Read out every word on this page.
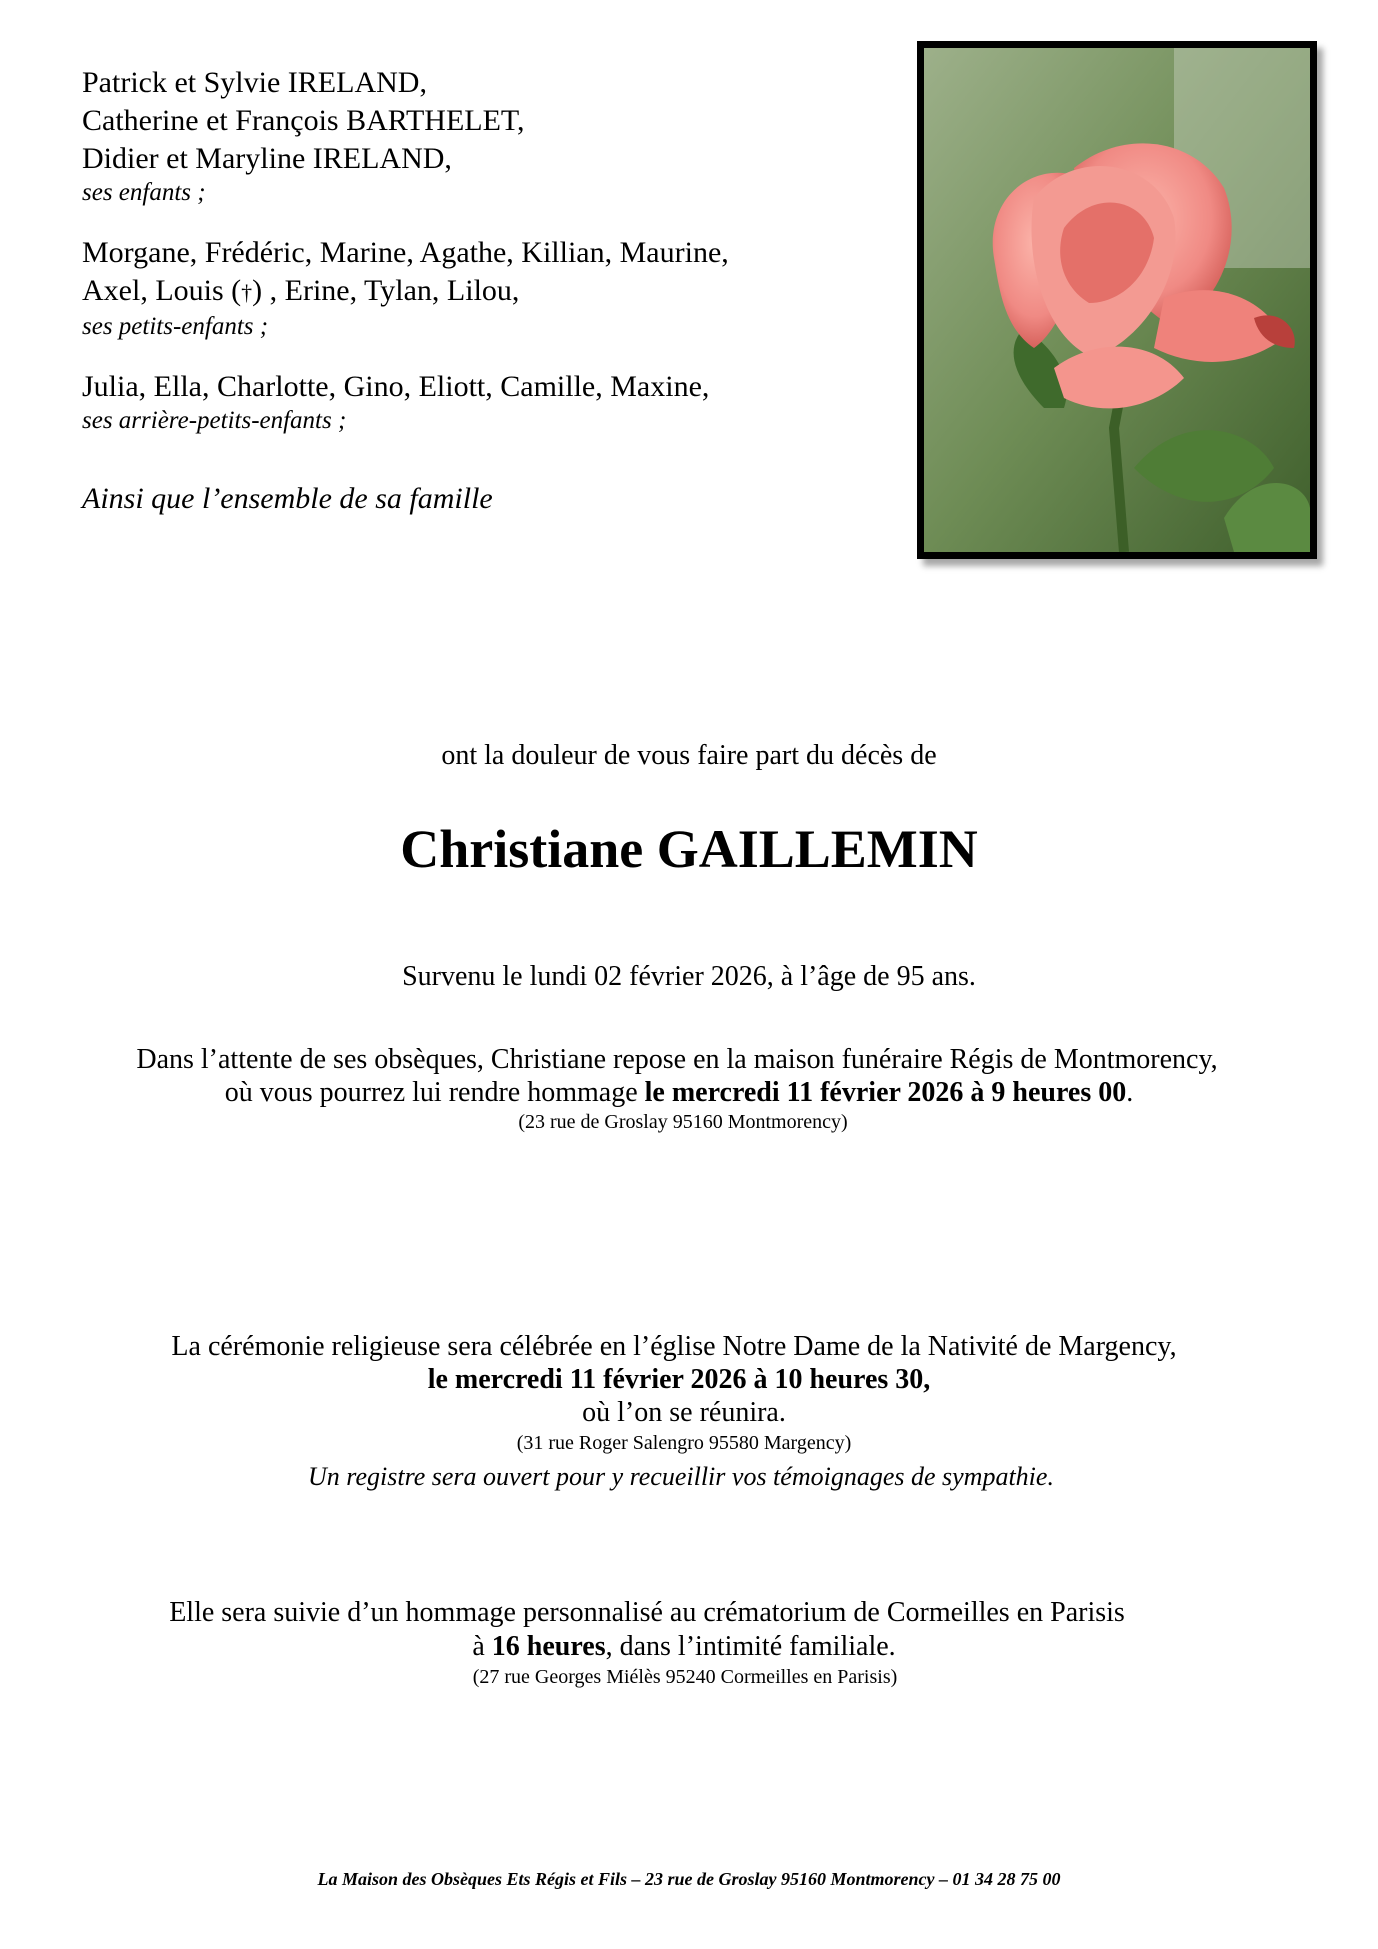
Patrick et Sylvie IRELAND,
Catherine et François BARTHELET,
Didier et Maryline IRELAND,
ses enfants ;
Morgane, Frédéric, Marine, Agathe, Killian, Maurine,
Axel, Louis (†) , Erine, Tylan, Lilou,
ses petits-enfants ;
Julia, Ella, Charlotte, Gino, Eliott, Camille, Maxine,
ses arrière-petits-enfants ;
Ainsi que l’ensemble de sa famille
ont la douleur de vous faire part du décès de
Christiane GAILLEMIN
Survenu le lundi 02 février 2026, à l’âge de 95 ans.
Dans l’attente de ses obsèques, Christiane repose en la maison funéraire Régis de Montmorency,
où vous pourrez lui rendre hommage le mercredi 11 février 2026 à 9 heures 00.
(23 rue de Groslay 95160 Montmorency)
La cérémonie religieuse sera célébrée en l’église Notre Dame de la Nativité de Margency,
le mercredi 11 février 2026 à 10 heures 30,
où l’on se réunira.
(31 rue Roger Salengro 95580 Margency)
Un registre sera ouvert pour y recueillir vos témoignages de sympathie.
Elle sera suivie d’un hommage personnalisé au crématorium de Cormeilles en Parisis
à 16 heures, dans l’intimité familiale.
(27 rue Georges Miélès 95240 Cormeilles en Parisis)
La Maison des Obsèques Ets Régis et Fils – 23 rue de Groslay 95160 Montmorency – 01 34 28 75 00
